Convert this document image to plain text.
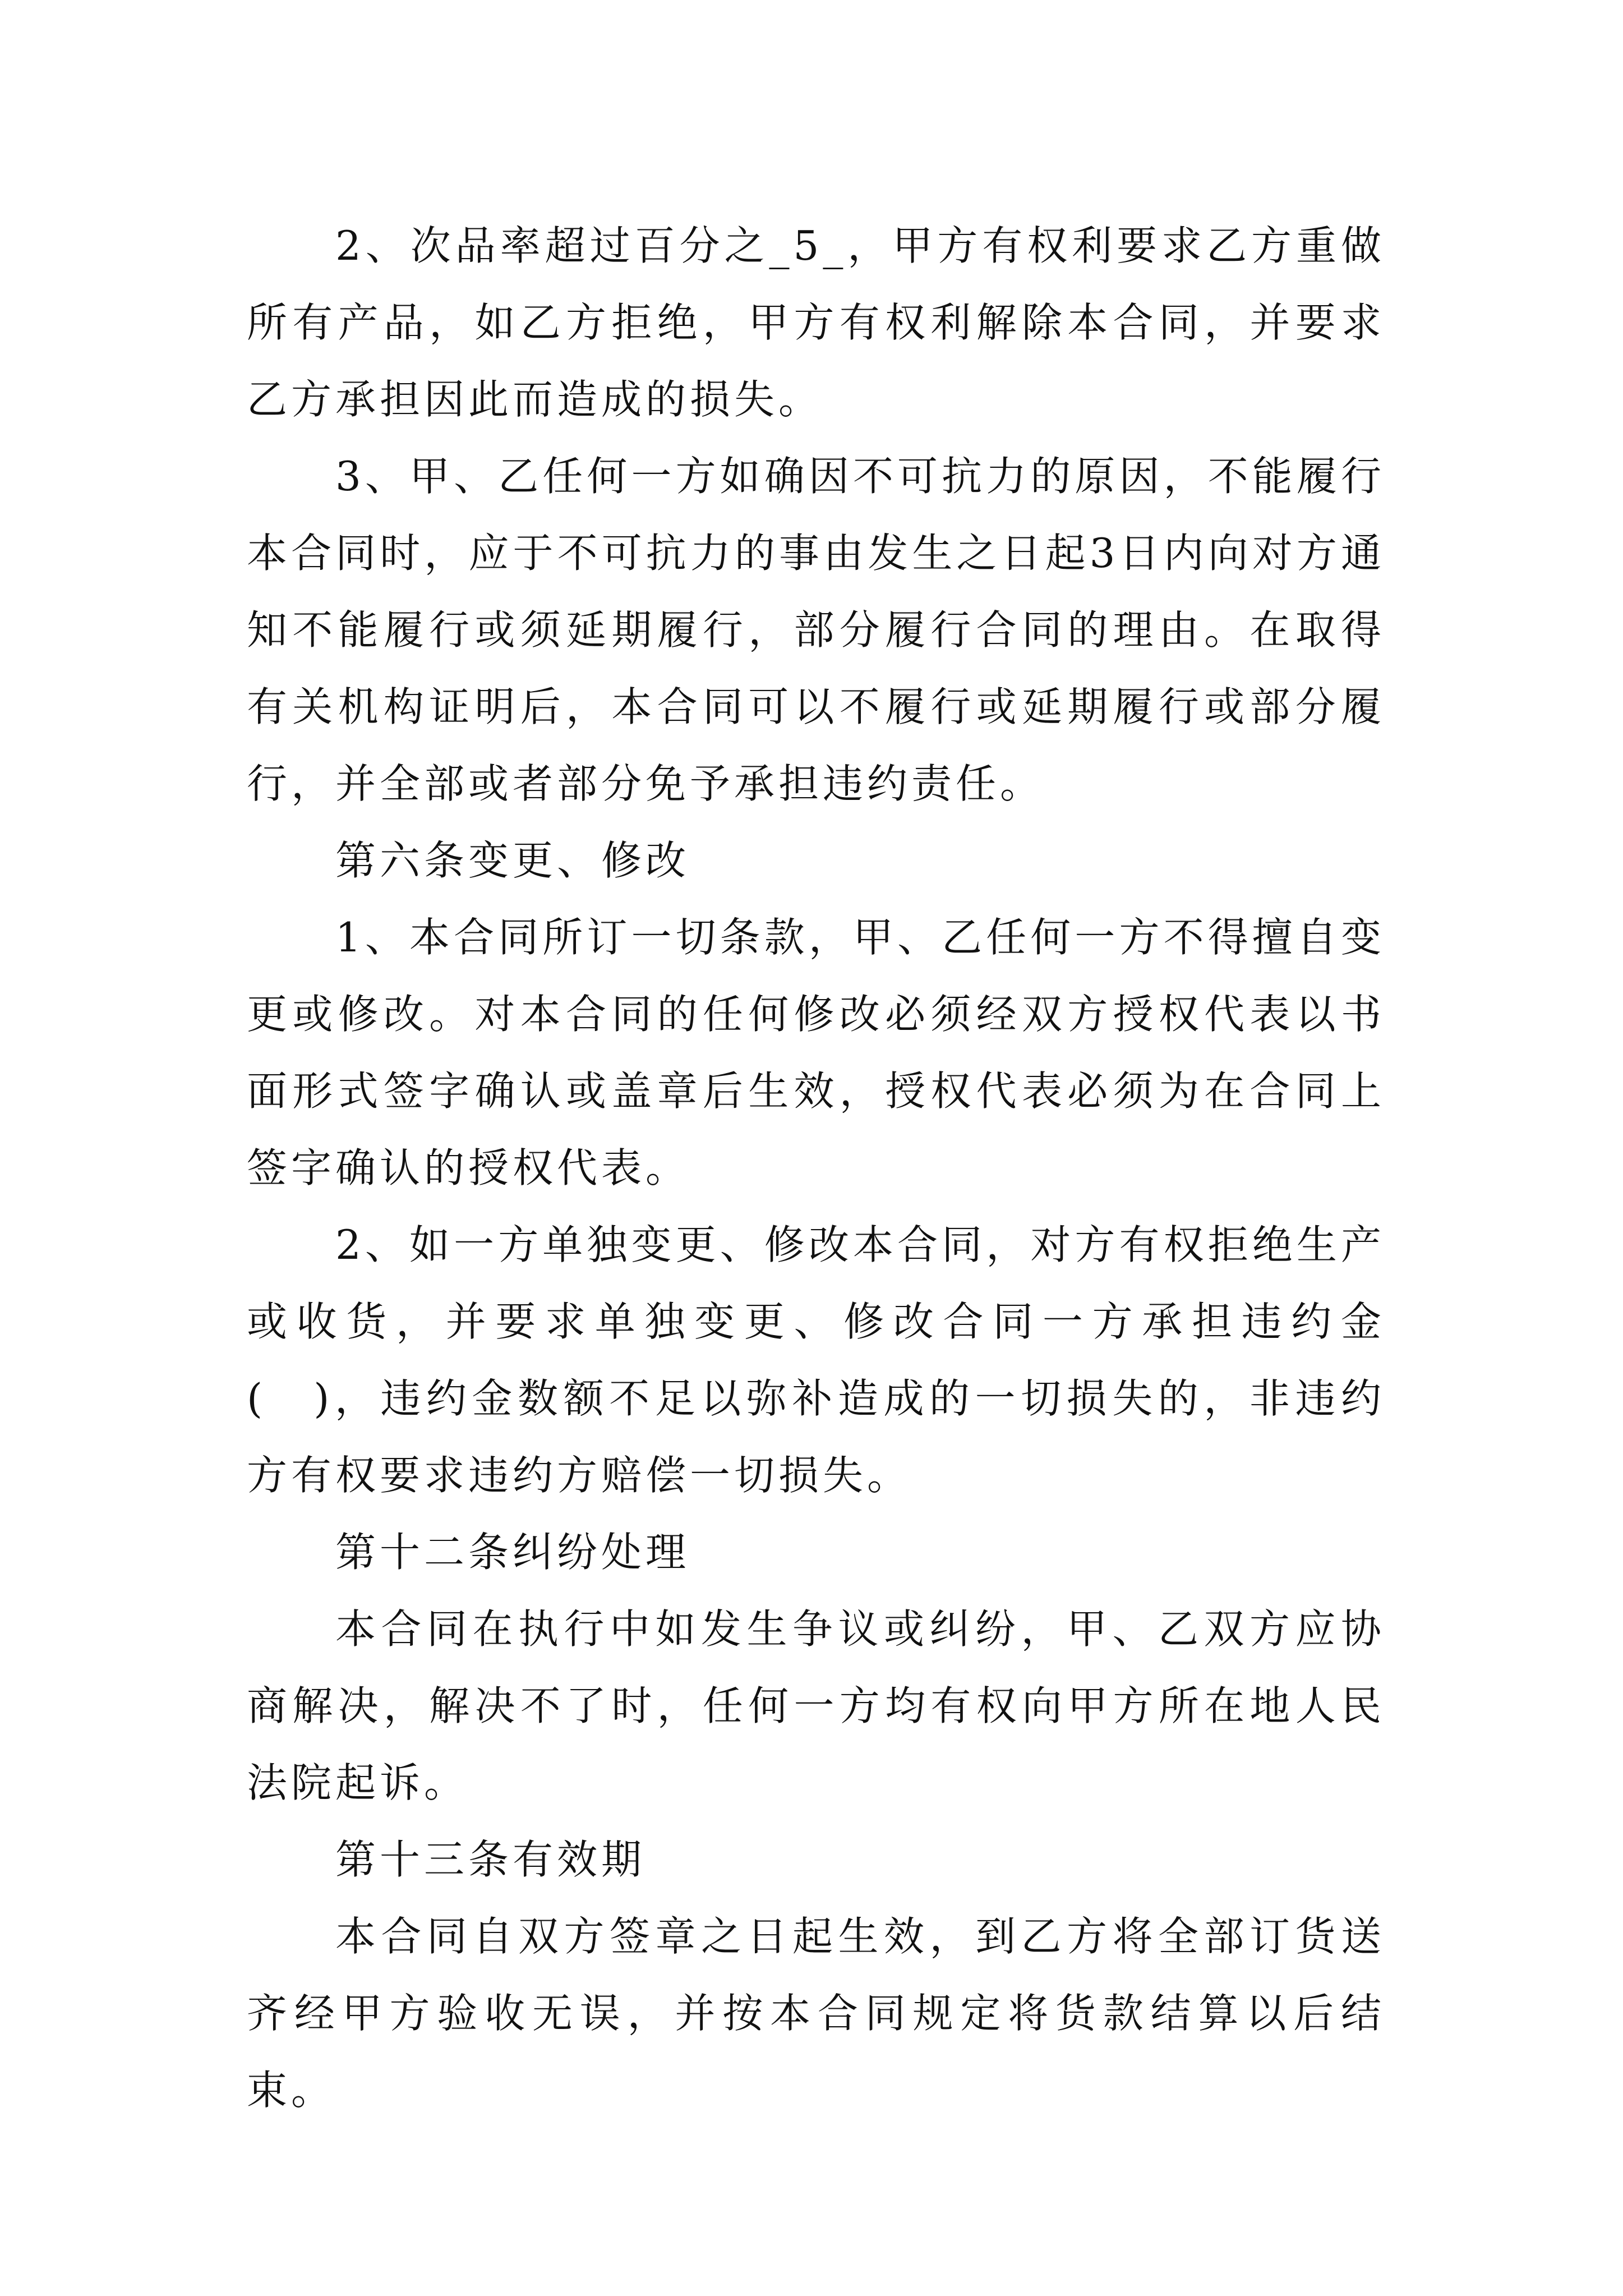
2、次品率超过百分之_5_，甲方有权利要求乙方重做所有产品，如乙方拒绝，甲方有权利解除本合同，并要求乙方承担因此而造成的损失。

3、甲、乙任何一方如确因不可抗力的原因，不能履行本合同时，应于不可抗力的事由发生之日起3日内向对方通知不能履行或须延期履行，部分履行合同的理由。在取得有关机构证明后，本合同可以不履行或延期履行或部分履行，并全部或者部分免予承担违约责任。

第六条变更、修改

1、本合同所订一切条款，甲、乙任何一方不得擅自变更或修改。对本合同的任何修改必须经双方授权代表以书面形式签字确认或盖章后生效，授权代表必须为在合同上签字确认的授权代表。

2、如一方单独变更、修改本合同，对方有权拒绝生产或收货，并要求单独变更、修改合同一方承担违约金(　)，违约金数额不足以弥补造成的一切损失的，非违约方有权要求违约方赔偿一切损失。

第十二条纠纷处理

本合同在执行中如发生争议或纠纷，甲、乙双方应协商解决，解决不了时，任何一方均有权向甲方所在地人民法院起诉。

第十三条有效期

本合同自双方签章之日起生效，到乙方将全部订货送齐经甲方验收无误，并按本合同规定将货款结算以后结束。
